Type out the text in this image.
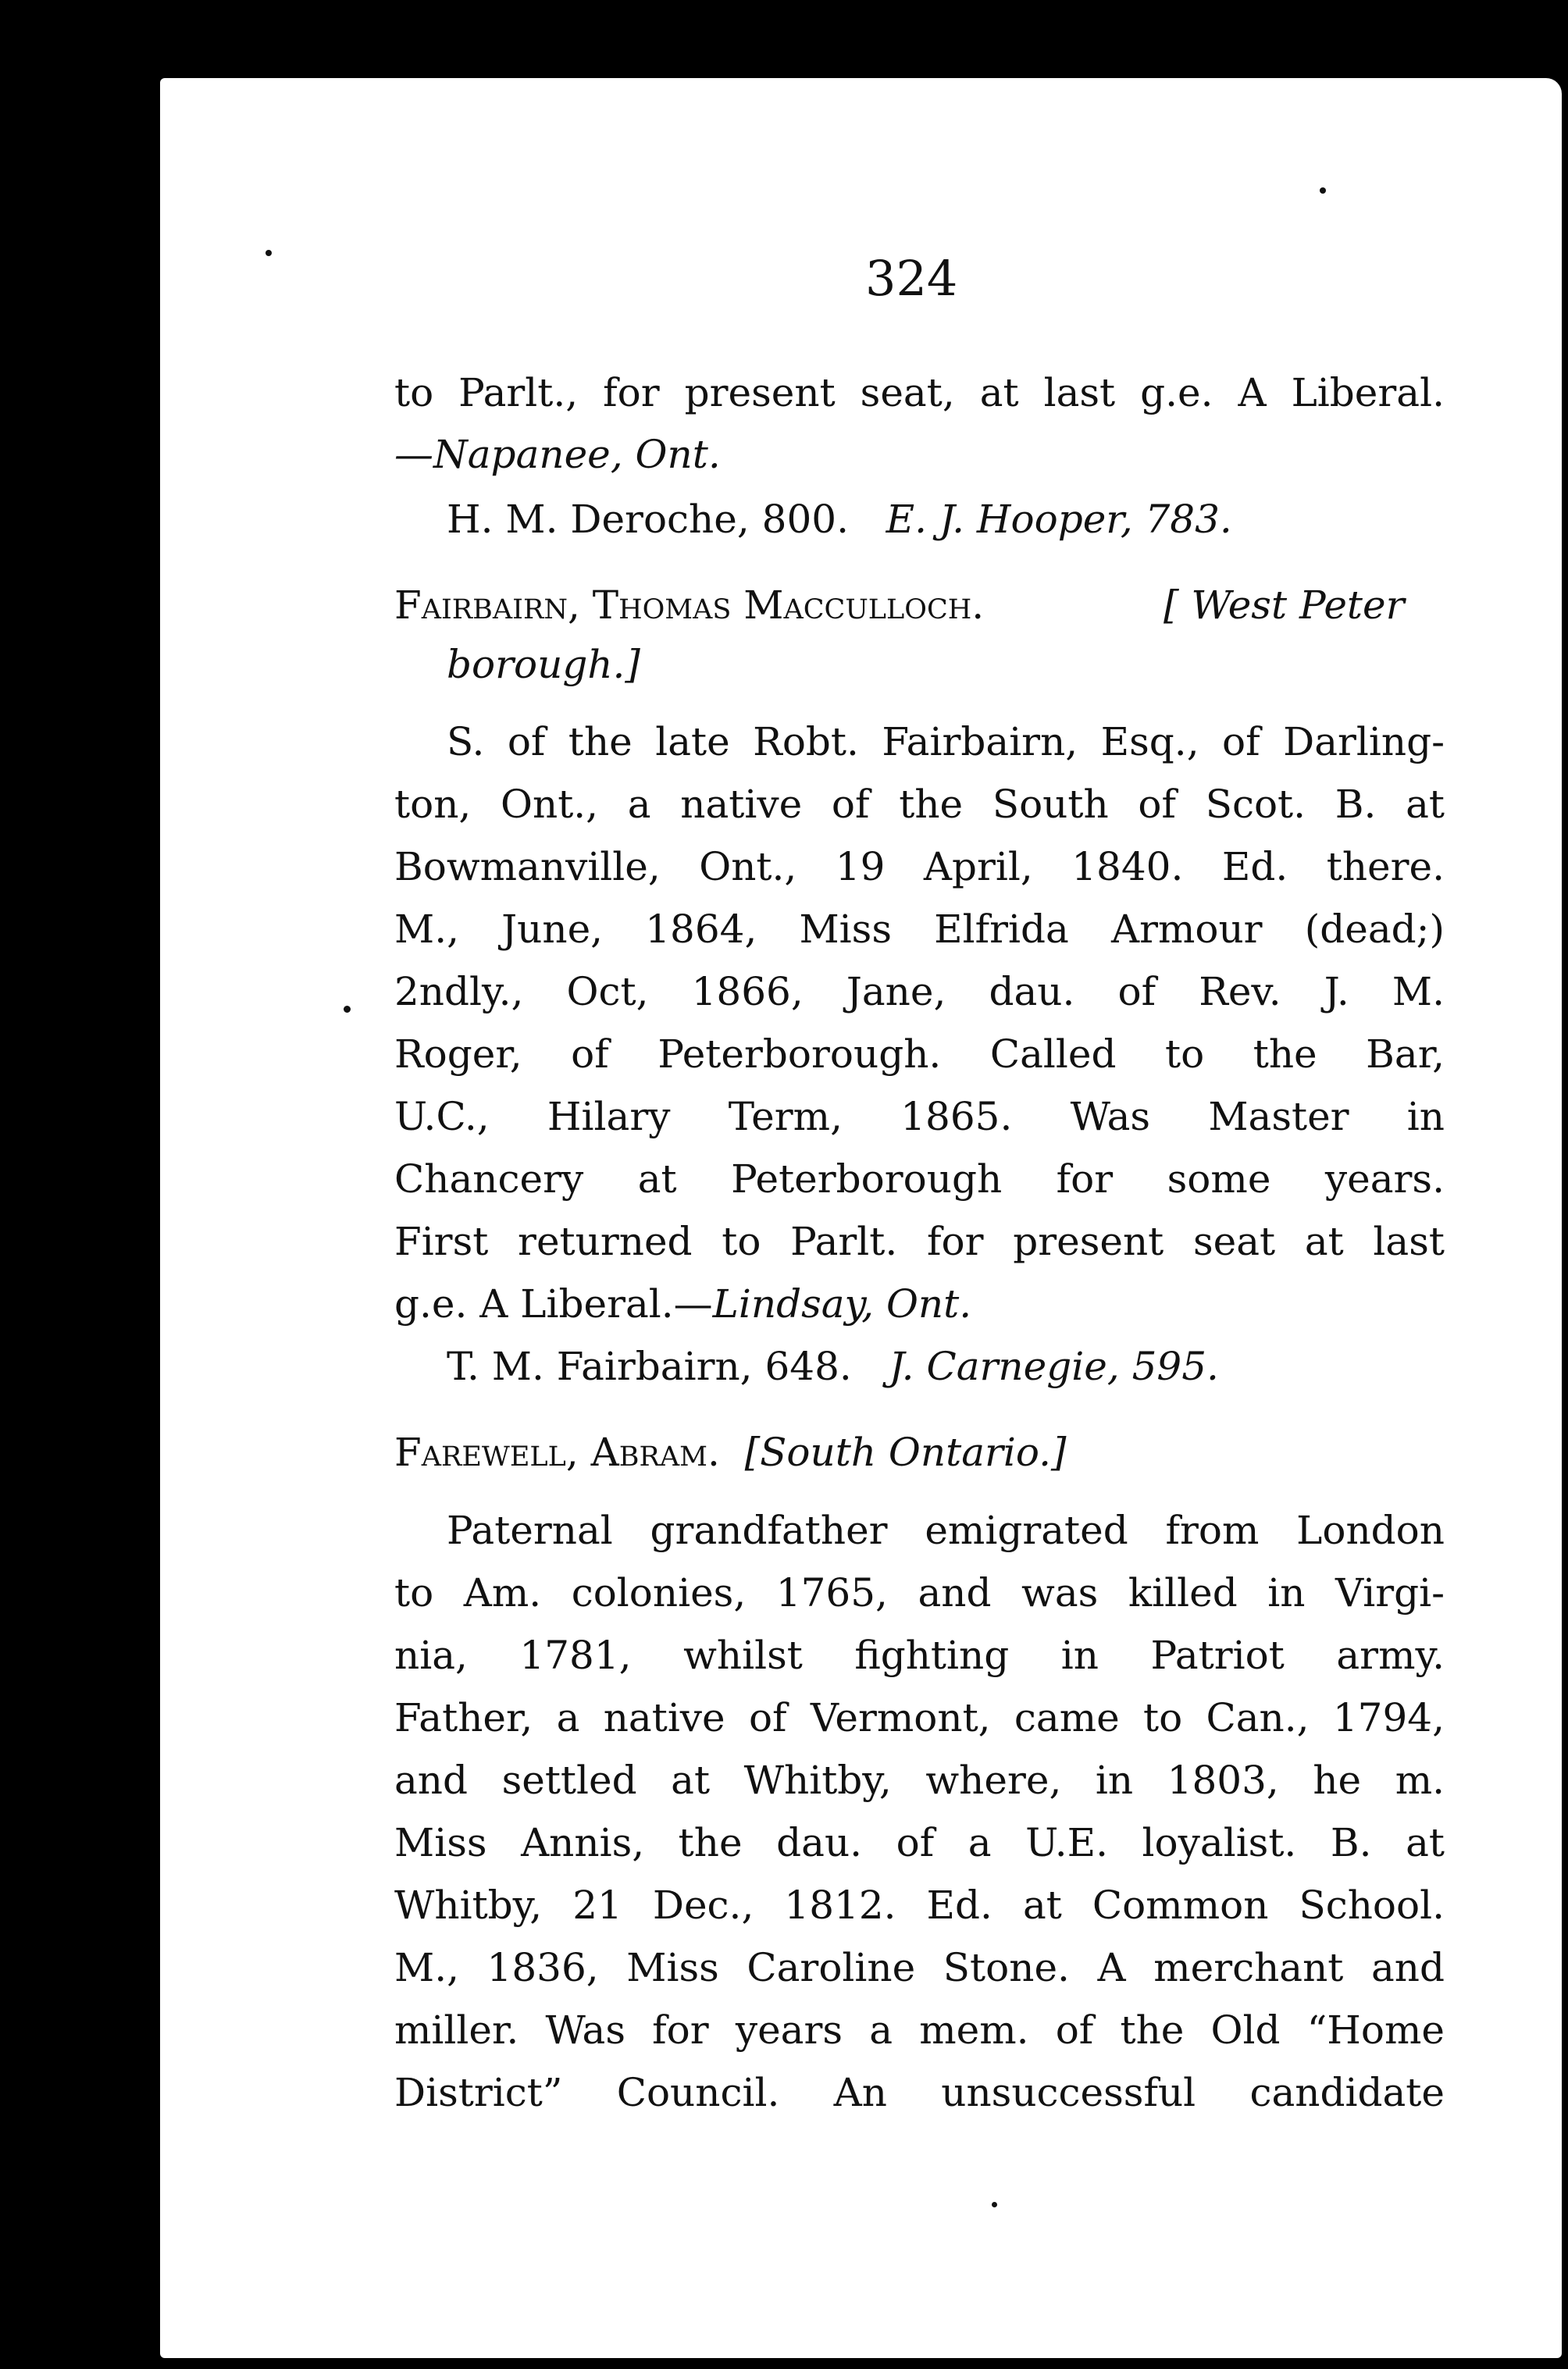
324
to Parlt., for present seat, at last g.e. A Liberal.
—Napanee, Ont.
H. M. Deroche, 800. E. J. Hooper, 783.
Fairbairn, Thomas Macculloch.	[ West Peter
borough.]
S. of the late Robt. Fairbairn, Esq., of Darling-
ton, Ont., a native of the South of Scot. B. at
Bowmanville, Ont., 19 April, 1840. Ed. there.
M., June, 1864, Miss Elfrida Armour (dead;)
2ndly., Oct, 1866, Jane, dau. of Rev. J. M.
Roger, of Peterborough. Called to the Bar,
U.C., Hilary Term, 1865. Was Master in
Chancery at Peterborough for some years.
First returned to Parlt. for present seat at last
g.e. A Liberal.—Lindsay, Ont.
T. M. Fairbairn, 648. J. Carnegie, 595.
Farewell, Abram. [South Ontario.]
Paternal grandfather emigrated from London
to Am. colonies, 1765, and was killed in Virgi-
nia, 1781, whilst fighting in Patriot army.
Father, a native of Vermont, came to Can., 1794,
and settled at Whitby, where, in 1803, he m.
Miss Annis, the dau. of a U.E. loyalist. B. at
Whitby, 21 Dec., 1812. Ed. at Common School.
M., 1836, Miss Caroline Stone. A merchant and
miller. Was for years a mem. of the Old “Home
District” Council. An unsuccessful candidate
